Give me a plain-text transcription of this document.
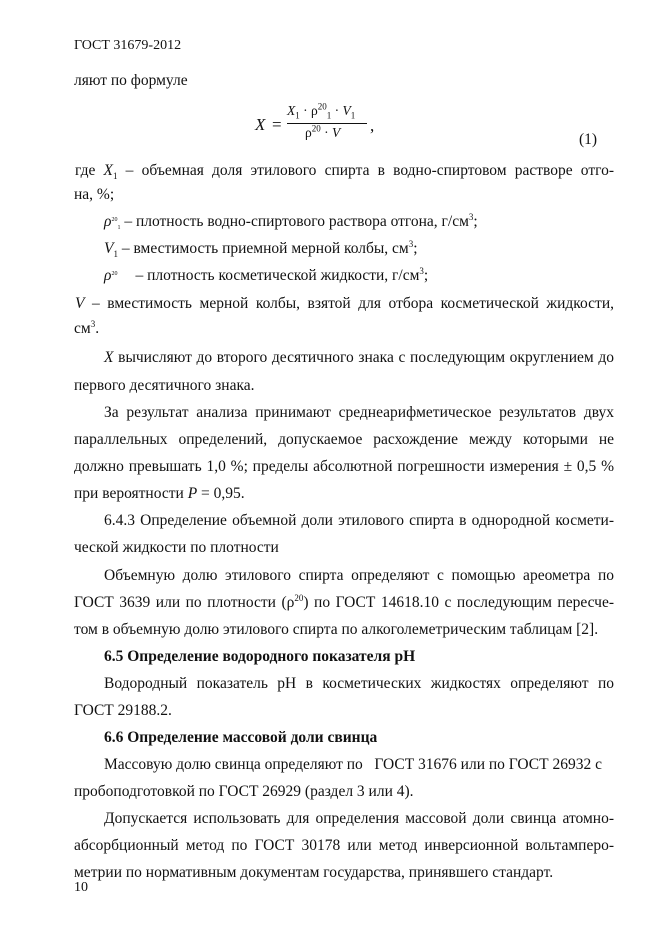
ГОСТ 31679-2012
ляют по формуле
X =
$X_1 \cdot \rho^{20}_1 \cdot V_1$
$\rho^{20} \cdot V$ ,
(1)
где $X_1$ – объемная доля этилового спирта в водно-спиртовом растворе отго-
на, %;
$\rho^{20}1$ – плотность водно-спиртового раствора отгона, $г/см^3$;
$V_1$ – вместимость приемной мерной колбы, $см^3$;
$\rho^{20}$ – плотность косметической жидкости, $г/см^3$;
V – вместимость мерной колбы, взятой для отбора косметической жидкости,
$см^3$.
X вычисляют до второго десятичного знака с последующим округлением до
первого десятичного знака.
За результат анализа принимают среднеарифметическое результатов двух
параллельных определений, допускаемое расхождение между которыми не
должно превышать 1,0 %; пределы абсолютной погрешности измерения ± 0,5 %
при вероятности P = 0,95.
6.4.3 Определение объемной доли этилового спирта в однородной космети-
ческой жидкости по плотности
Объемную долю этилового спирта определяют с помощью ареометра по
ГОСТ 3639 или по плотности $(\rho^{20})$ по ГОСТ 14618.10 с последующим пересче-
том в объемную долю этилового спирта по алкоголеметрическим таблицам [2].
6.5 Определение водородного показателя рН
Водородный показатель рН в косметических жидкостях определяют по
ГОСТ 29188.2.
6.6 Определение массовой доли свинца
Массовую долю свинца определяют по   ГОСТ 31676 или по ГОСТ 26932 с
пробоподготовкой по ГОСТ 26929 (раздел 3 или 4).
Допускается использовать для определения массовой доли свинца атомно-
абсорбционный метод по ГОСТ 30178 или метод инверсионной вольтамперо-
метрии по нормативным документам государства, принявшего стандарт.
10
